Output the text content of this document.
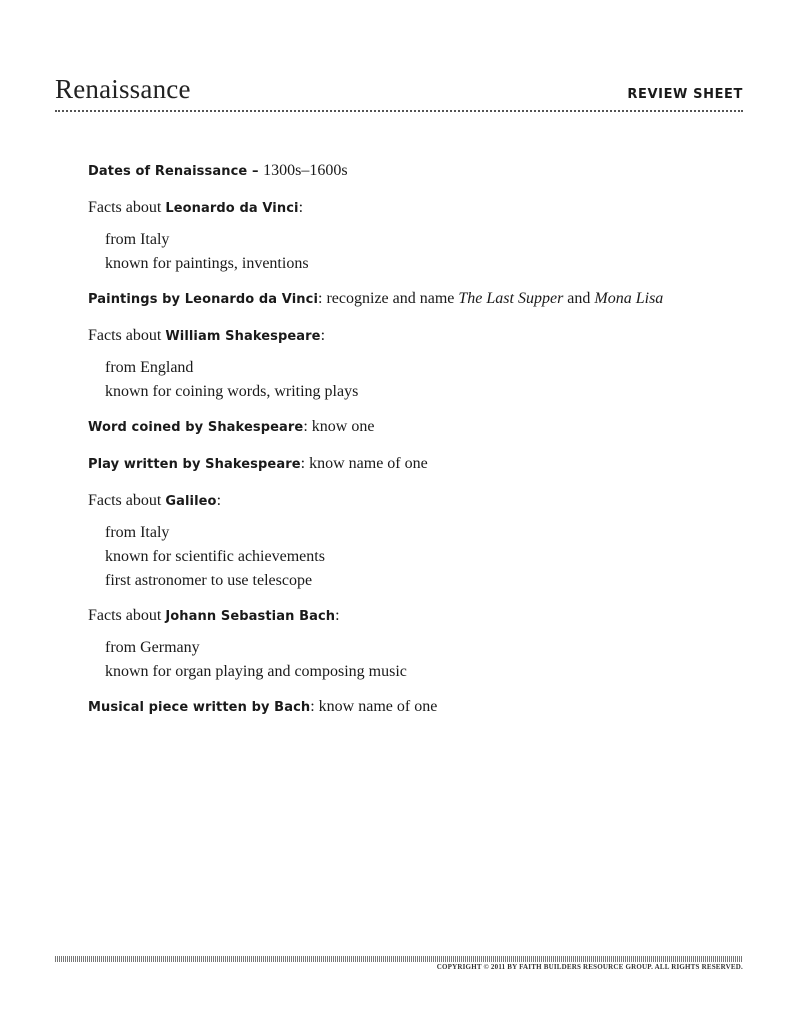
Renaissance	REVIEW SHEET
Dates of Renaissance – 1300s–1600s
Facts about Leonardo da Vinci:
from Italy
known for paintings, inventions
Paintings by Leonardo da Vinci: recognize and name The Last Supper and Mona Lisa
Facts about William Shakespeare:
from England
known for coining words, writing plays
Word coined by Shakespeare: know one
Play written by Shakespeare: know name of one
Facts about Galileo:
from Italy
known for scientific achievements
first astronomer to use telescope
Facts about Johann Sebastian Bach:
from Germany
known for organ playing and composing music
Musical piece written by Bach: know name of one
COPYRIGHT © 2011 BY FAITH BUILDERS RESOURCE GROUP. ALL RIGHTS RESERVED.
